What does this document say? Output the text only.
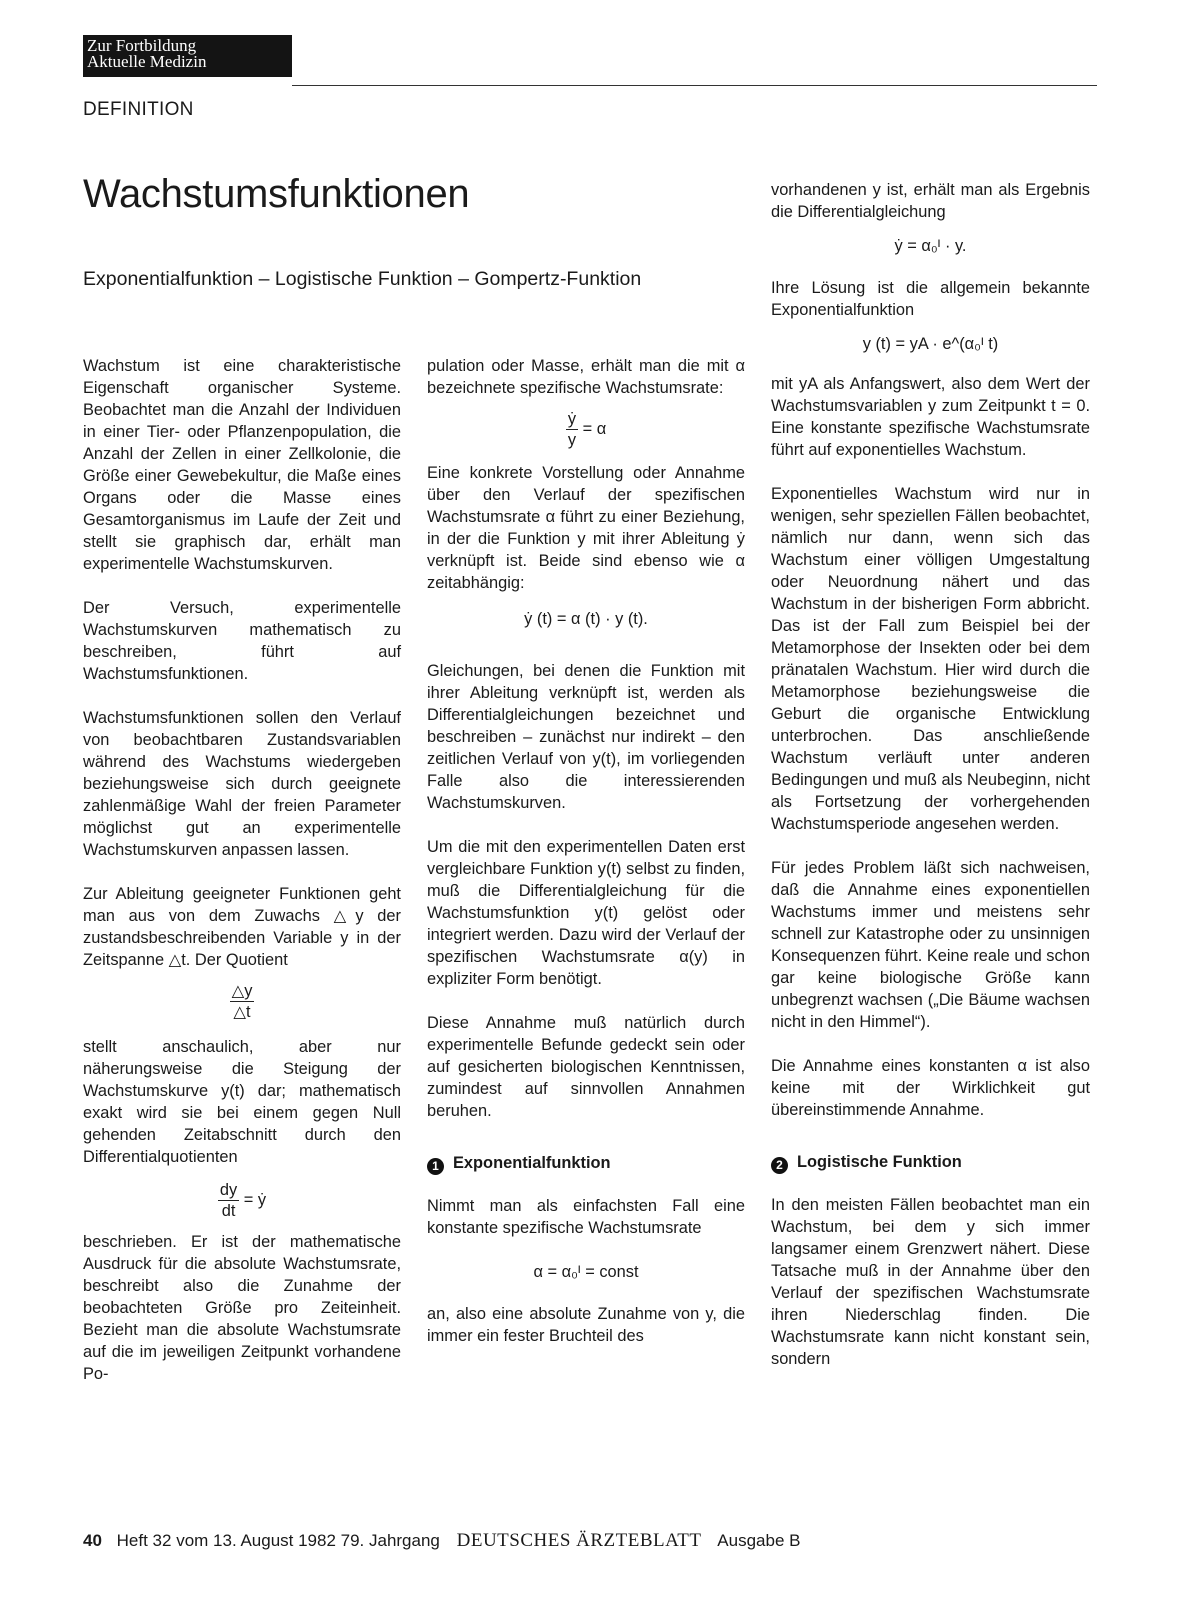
Zur Fortbildung
Aktuelle Medizin
DEFINITION
Wachstumsfunktionen
Exponentialfunktion – Logistische Funktion – Gompertz-Funktion

Wachstum ist eine charakteristische Eigenschaft organischer Systeme. Beobachtet man die Anzahl der Individuen in einer Tier- oder Pflanzenpopulation, die Anzahl der Zellen in einer Zellkolonie, die Größe einer Gewebekultur, die Maße eines Organs oder die Masse eines Gesamtorganismus im Laufe der Zeit und stellt sie graphisch dar, erhält man experimentelle Wachstumskurven.

Der Versuch, experimentelle Wachstumskurven mathematisch zu beschreiben, führt auf Wachstumsfunktionen.

Wachstumsfunktionen sollen den Verlauf von beobachtbaren Zustandsvariablen während des Wachstums wiedergeben beziehungsweise sich durch geeignete zahlenmäßige Wahl der freien Parameter möglichst gut an experimentelle Wachstumskurven anpassen lassen.

Zur Ableitung geeigneter Funktionen geht man aus von dem Zuwachs △y der zustandsbeschreibenden Variable y in der Zeitspanne △t. Der Quotient

$\frac{\triangle y}{\triangle t}$

stellt anschaulich, aber nur näherungsweise die Steigung der Wachstumskurve y(t) dar; mathematisch exakt wird sie bei einem gegen Null gehenden Zeitabschnitt durch den Differentialquotienten

$\frac{dy}{dt}$ = ẏ

beschrieben. Er ist der mathematische Ausdruck für die absolute Wachstumsrate, beschreibt also die Zunahme der beobachteten Größe pro Zeiteinheit. Bezieht man die absolute Wachstumsrate auf die im jeweiligen Zeitpunkt vorhandene Po-

pulation oder Masse, erhält man die mit α bezeichnete spezifische Wachstumsrate:

$\frac{\text{ẏ}}{y} = \alpha$

Eine konkrete Vorstellung oder Annahme über den Verlauf der spezifischen Wachstumsrate α führt zu einer Beziehung, in der die Funktion y mit ihrer Ableitung ẏ verknüpft ist. Beide sind ebenso wie α zeitabhängig:

ẏ (t) = α (t) · y (t).

Gleichungen, bei denen die Funktion mit ihrer Ableitung verknüpft ist, werden als Differentialgleichungen bezeichnet und beschreiben – zunächst nur indirekt – den zeitlichen Verlauf von y(t), im vorliegenden Falle also die interessierenden Wachstumskurven.

Um die mit den experimentellen Daten erst vergleichbare Funktion y(t) selbst zu finden, muß die Differentialgleichung für die Wachstumsfunktion y(t) gelöst oder integriert werden. Dazu wird der Verlauf der spezifischen Wachstumsrate α(y) in expliziter Form benötigt.

Diese Annahme muß natürlich durch experimentelle Befunde gedeckt sein oder auf gesicherten biologischen Kenntnissen, zumindest auf sinnvollen Annahmen beruhen.

1 Exponentialfunktion

Nimmt man als einfachsten Fall eine konstante spezifische Wachstumsrate

α = α₀ᴵ = const

an, also eine absolute Zunahme von y, die immer ein fester Bruchteil des

vorhandenen y ist, erhält man als Ergebnis die Differentialgleichung

ẏ = α₀ᴵ · y.

Ihre Lösung ist die allgemein bekannte Exponentialfunktion

y (t) = yA · e^(α₀ᴵ t)

mit yA als Anfangswert, also dem Wert der Wachstumsvariablen y zum Zeitpunkt t = 0. Eine konstante spezifische Wachstumsrate führt auf exponentielles Wachstum.

Exponentielles Wachstum wird nur in wenigen, sehr speziellen Fällen beobachtet, nämlich nur dann, wenn sich das Wachstum einer völligen Umgestaltung oder Neuordnung nähert und das Wachstum in der bisherigen Form abbricht. Das ist der Fall zum Beispiel bei der Metamorphose der Insekten oder bei dem pränatalen Wachstum. Hier wird durch die Metamorphose beziehungsweise die Geburt die organische Entwicklung unterbrochen. Das anschließende Wachstum verläuft unter anderen Bedingungen und muß als Neubeginn, nicht als Fortsetzung der vorhergehenden Wachstumsperiode angesehen werden.

Für jedes Problem läßt sich nachweisen, daß die Annahme eines exponentiellen Wachstums immer und meistens sehr schnell zur Katastrophe oder zu unsinnigen Konsequenzen führt. Keine reale und schon gar keine biologische Größe kann unbegrenzt wachsen („Die Bäume wachsen nicht in den Himmel“).

Die Annahme eines konstanten α ist also keine mit der Wirklichkeit gut übereinstimmende Annahme.

2 Logistische Funktion

In den meisten Fällen beobachtet man ein Wachstum, bei dem y sich immer langsamer einem Grenzwert nähert. Diese Tatsache muß in der Annahme über den Verlauf der spezifischen Wachstumsrate ihren Niederschlag finden. Die Wachstumsrate kann nicht konstant sein, sondern

40 Heft 32 vom 13. August 1982 79. Jahrgang DEUTSCHES ÄRZTEBLATT Ausgabe B
